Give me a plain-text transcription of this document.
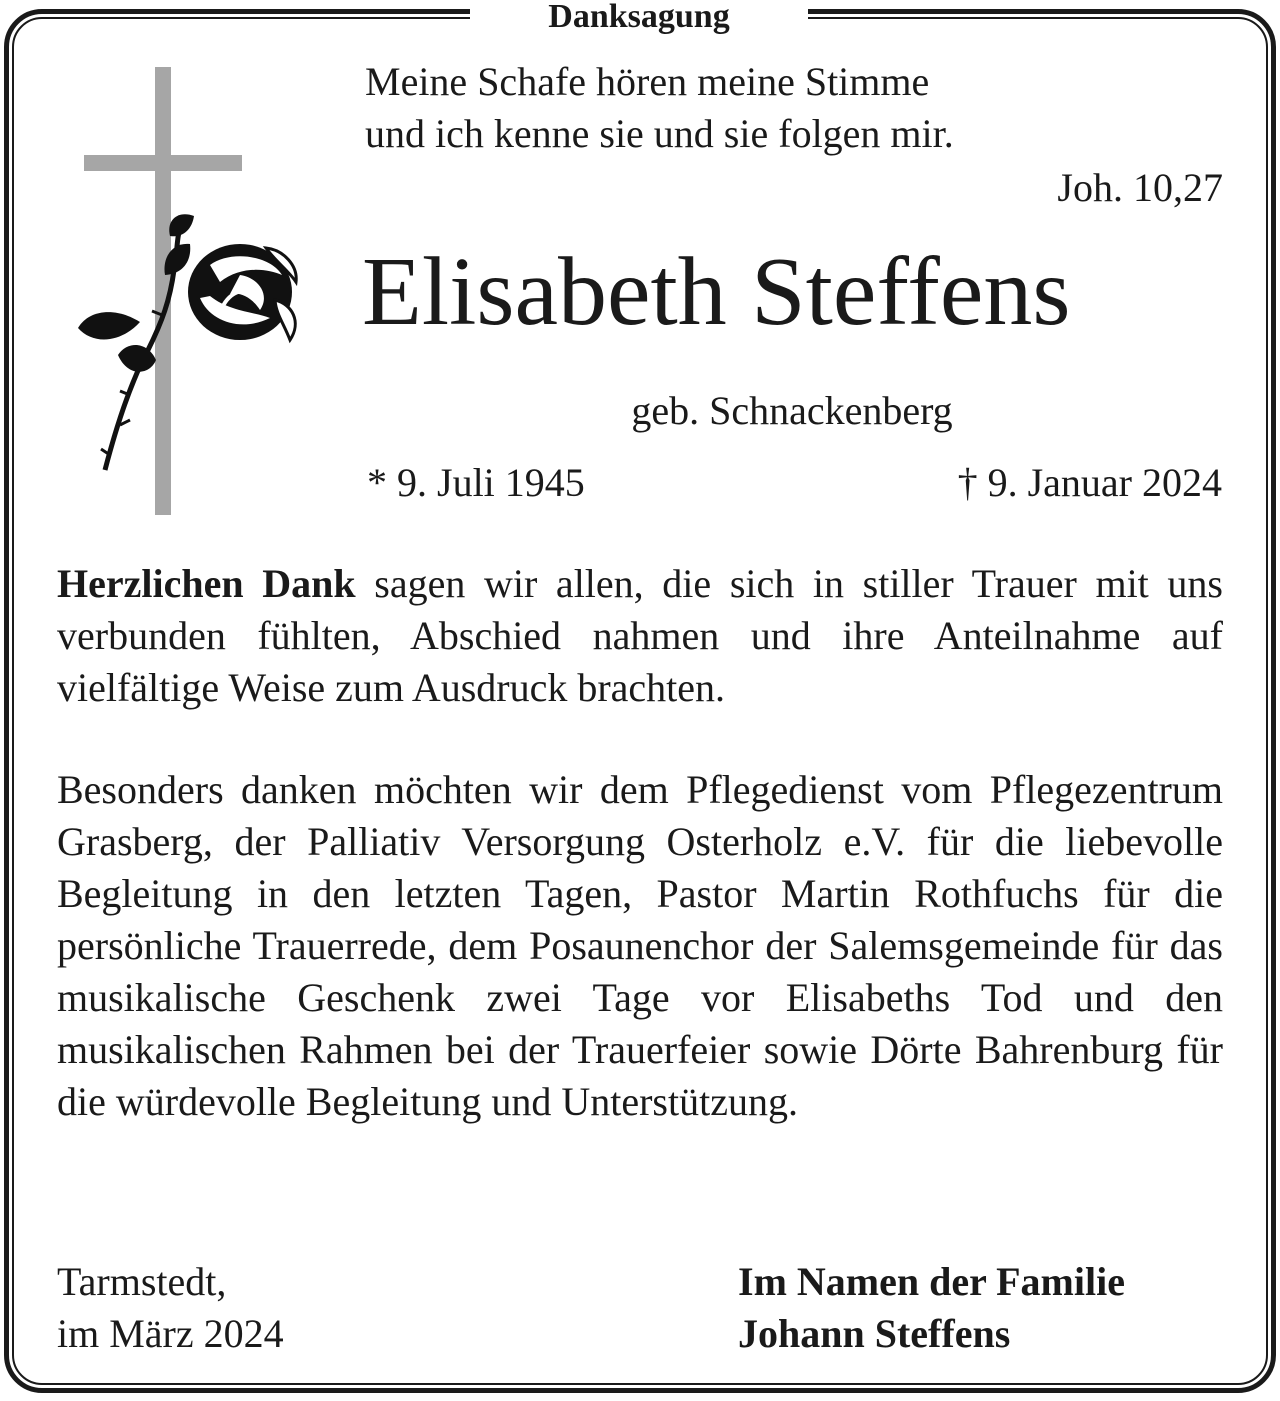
Danksagung
Meine Schafe hören meine Stimme
und ich kenne sie und sie folgen mir.
Joh. 10,27
Elisabeth Steffens
geb. Schnackenberg
* 9. Juli 1945	† 9. Januar 2024
Herzlichen Dank sagen wir allen, die sich in stiller Trauer mit uns verbunden fühlten, Abschied nahmen und ihre Anteilnahme auf vielfältige Weise zum Ausdruck brachten.
Besonders danken möchten wir dem Pflegedienst vom Pflegezentrum Grasberg, der Palliativ Versorgung Osterholz e.V. für die liebevolle Begleitung in den letzten Tagen, Pastor Martin Rothfuchs für die persönliche Trauerrede, dem Posaunenchor der Salemsgemeinde für das musikalische Geschenk zwei Tage vor Elisabeths Tod und den musikalischen Rahmen bei der Trauerfeier sowie Dörte Bahrenburg für die würdevolle Begleitung und Unterstützung.
Tarmstedt,
im März 2024
Im Namen der Familie
Johann Steffens
